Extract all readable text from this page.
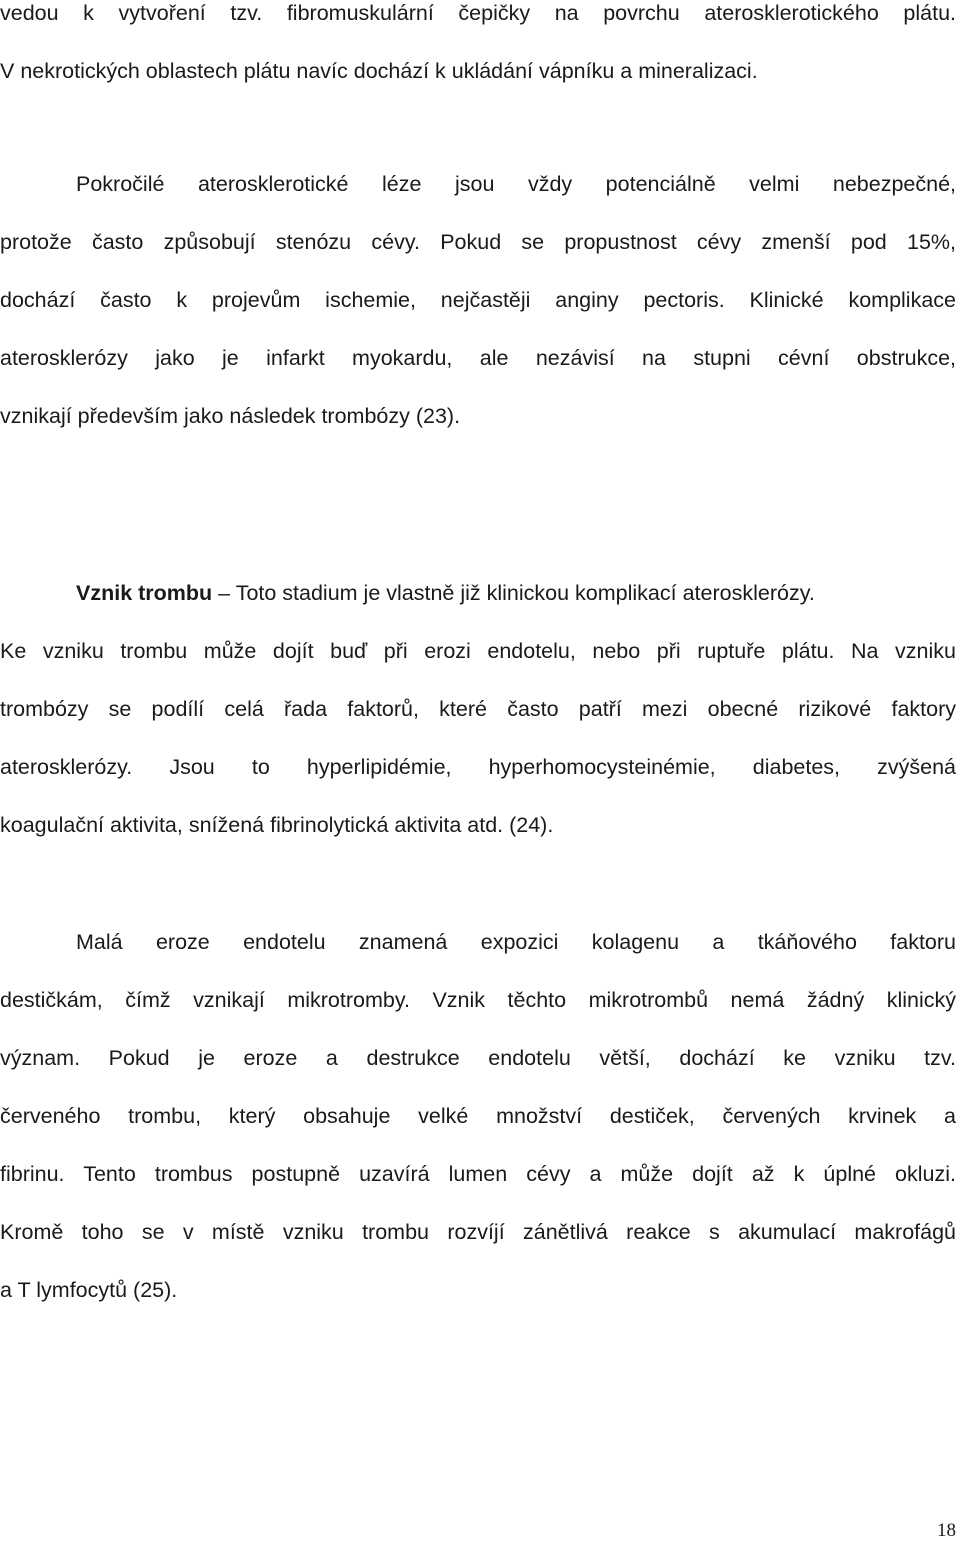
vedou k vytvoření tzv. fibromuskulární čepičky na povrchu aterosklerotického plátu.
V nekrotických oblastech plátu navíc dochází k ukládání vápníku a mineralizaci.
Pokročilé aterosklerotické léze jsou vždy potenciálně velmi nebezpečné,
protože často způsobují stenózu cévy. Pokud se propustnost cévy zmenší pod 15%,
dochází často k projevům ischemie, nejčastěji anginy pectoris. Klinické komplikace
aterosklerózy jako je infarkt myokardu, ale nezávisí na stupni cévní obstrukce,
vznikají především jako následek trombózy (23).
Vznik trombu – Toto stadium je vlastně již klinickou komplikací aterosklerózy.
Ke vzniku trombu může dojít buď při erozi endotelu, nebo při ruptuře plátu. Na vzniku
trombózy se podílí celá řada faktorů, které často patří mezi obecné rizikové faktory
aterosklerózy. Jsou to hyperlipidémie, hyperhomocysteinémie, diabetes, zvýšená
koagulační aktivita, snížená fibrinolytická aktivita atd. (24).
Malá eroze endotelu znamená expozici kolagenu a tkáňového faktoru
destičkám, čímž vznikají mikrotromby. Vznik těchto mikrotrombů nemá žádný klinický
význam. Pokud je eroze a destrukce endotelu větší, dochází ke vzniku tzv.
červeného trombu, který obsahuje velké množství destiček, červených krvinek a
fibrinu. Tento trombus postupně uzavírá lumen cévy a může dojít až k úplné okluzi.
Kromě toho se v místě vzniku trombu rozvíjí zánětlivá reakce s akumulací makrofágů
a T lymfocytů (25).
18
